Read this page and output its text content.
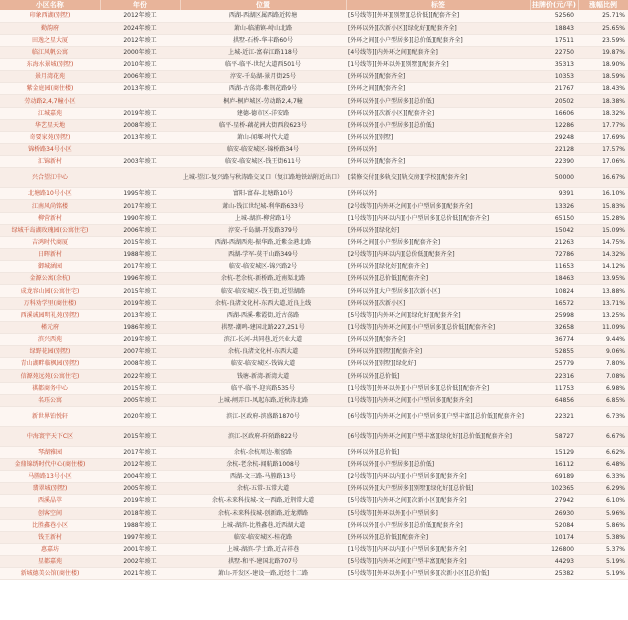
小区名称	年份	位置	标签	挂牌价(元/平)	涨幅比例
印象西湖(别墅)	2012年竣工	西湖-西湖区属西路近转塘	[5号线等][外环][别墅][总价低][配套齐全]	52560	25.71%
勤韵府	2024年竣工	萧山-临浦镇-峙山北路	[外环以外][次新小区][绿化好][配套齐全]	18843	25.65%
田逸之星大厦	2012年竣工	拱墅-石桥-华丰路60号	[外环之间][小户型居多][总价低][配套齐全]	17511	23.59%
临江风帆公寓	2000年竣工	上城-近江-富春江路118号	[4号线等][内外环之间][配套齐全]	22750	19.87%
东海水景城(别墅)	2010年竣工	临平-临平-世纪大道西501号	[1号线等][外环以外][别墅][配套齐全]	35313	18.90%
景月湾花苑	2006年竣工	淳安-千岛湖-景月街25号	[外环以外][配套齐全]	10353	18.59%
紫金庭园(商住楼)	2013年竣工	西湖-古荡湾-紫荆花路9号	[外环之间][配套齐全]	21767	18.43%
劳动路2,4,7幢小区		桐庐-桐庐城区-劳动路2,4,7幢	[外环以外][小户型居多][总价低]	20502	18.38%
江城嘉苑	2019年竣工	建德-德市区-洋安路	[外环以外][次新小区][配套齐全]	16606	18.32%
华艺星天地	2008年竣工	临平-星桥-藕花洲大街西段623号	[外环以外][小户型居多][总价低]	12286	17.77%
奇要家苑(别墅)	2013年竣工	萧山-闻堰-时代大道	[外环以外][别墅]	29248	17.69%
锦桥路34号小区		临安-临安城区-锦桥路34号	[外环以外]	22128	17.57%
汇锦新村	2003年竣工	临安-临安城区-钱王街611号	[外环以外][配套齐全]	22390	17.06%
兴合望江中心		上城-望江-复兴路与秋涛路交叉口（复江路地铁站附近出口）	[装修交付][多轨交][轨交房][学校][配套齐全]	50000	16.67%
北塘路10号小区	1995年竣工	富阳-富春-北塘路10号	[外环以外]	9391	16.10%
江南风尚铭楼	2017年竣工	萧山-钱江世纪城-利华路633号	[2号线等][内外环之间][小户型居多][配套齐全]	13326	15.83%
柳营新村	1990年竣工	上城-湖滨-柳营路1号	[1号线等][内环以内][小户型居多][总价低][配套齐全]	65150	15.28%
绿城千岛湖玫瑰园(公寓住宅)	2006年竣工	淳安-千岛湖-开发路379号	[外环以外][绿化好]	15042	15.09%
吉鸿时代商厦	2015年竣工	西湖-西湖西苑-振华路,近紫金港北路	[外环之间][小户型居多][配套齐全]	21263	14.75%
日晖新村	1988年竣工	西湖-学军-莫干山路349号	[2号线等][内环以内][总价低][配套齐全]	72786	14.32%
御城涵园	2017年竣工	临安-临安城区-锦兴路2号	[外环以外][绿化好][配套齐全]	11653	14.12%
金源公寓(余杭)	1996年竣工	余杭-老余杭-新桥路,近南渠北路	[外环以外][总价低][配套齐全]	18463	13.95%
成龙容山园(公寓住宅)	2015年竣工	临安-临安城区-钱王街,近望湖路	[外环以外][大户型居多][次新小区]	10824	13.88%
万科劝学里(商住楼)	2019年竣工	余杭-良渚文化村-东西大道,近良上线	[外环以外][次新小区]	16572	13.71%
西溪诚园明礼苑(别墅)	2013年竣工	西湖-西溪-紫霞街,近古荡路	[5号线等][内外环之间][绿化好][配套齐全]	25998	13.25%
槿元府	1986年竣工	拱墅-潮鸣-建国北路227,251号	[1号线等][内外环之间][小户型居多][总价低][配套齐全]	32658	11.09%
滨兴西苑	2019年竣工	滨江-长河-共同巷,近兴业大道	[外环以外][配套齐全]	36774	9.44%
绿野花园(别墅)	2007年竣工	余杭-良渚文化村-东西大道	[外环以外][别墅][配套齐全]	52855	9.06%
青山湖畔临枫园(别墅)	2008年竣工	临安-临安城区-钱锦大道	[外环以外][别墅][绿化好]	25779	7.80%
信源苑远苑(公寓住宅)	2022年竣工	钱塘-新湾-新湾大道	[外环以外][总价低]	22316	7.08%
祺都商务中心	2015年竣工	临平-临平-迎宾路535号	[1号线等][外环以外][小户型居多][总价低][配套齐全]	11753	6.98%
名珏公寓	2005年竣工	上城-闸弄口-凤起东路,近秋涛北路	[1号线等][内外环之间][小户型居多][配套齐全]	64856	6.85%
新世界铂悦轩	2020年竣工	滨江-区政府-滨盛路1870号	[6号线等][内外环之间][小户型居多][户型丰富][总价低][配套齐全]	22321	6.73%
中海寰宇天下C区	2015年竣工	滨江-区政府-阡陌路822号	[6号线等][内外环之间][户型丰富][绿化好][总价低][配套齐全]	58727	6.67%
琴湖雅园	2017年竣工	余杭-余杭周边-瓶窑路	[外环以外][总价低]	15129	6.62%
金鼎锦绣时代中心(商住楼)	2012年竣工	余杭-老余杭-闻航路1008号	[外环以外][小户型居多][总价低]	16112	6.48%
马塍路13号小区	2004年竣工	西湖-文三路-马塍路13号	[2号线等][内环以内][小户型居多][配套齐全]	69189	6.33%
翡翠城(别墅)	2005年竣工	余杭-五常-五常大道	[外环以外][大户型居多][别墅][绿化好][总价低]	102365	6.29%
西溪晶萃	2019年竣工	余杭-未来科技城-文一西路,近荆常大道	[5号线等][内外环之间][次新小区][配套齐全]	27942	6.10%
创客空间	2018年竣工	余杭-未来科技城-创新路,近龙潭路	[5号线等][外环以外][小户型居多]	26930	5.96%
比胜鑫巷小区	1988年竣工	上城-湖滨-比胜鑫巷,近西湖大道	[外环以外][小户型居多][总价低][配套齐全]	52084	5.86%
钱王新村	1997年竣工	临安-临安城区-桂花路	[外环以外][总价低][配套齐全]	10174	5.38%
惠嘉坊	2001年竣工	上城-湖滨-学士路,近吉祥巷	[1号线等][内环以内][小户型居多][配套齐全]	126800	5.37%
星都嘉苑	2002年竣工	拱墅-和平-建国北路707号	[5号线等][内外环之间][户型丰富][配套齐全]	44293	5.19%
新城德美公馆(商住楼)	2021年竣工	萧山-开发区-建设一路,近经十二路	[5号线等][外环以外][小户型居多][次新小区][总价低]	25382	5.19%
